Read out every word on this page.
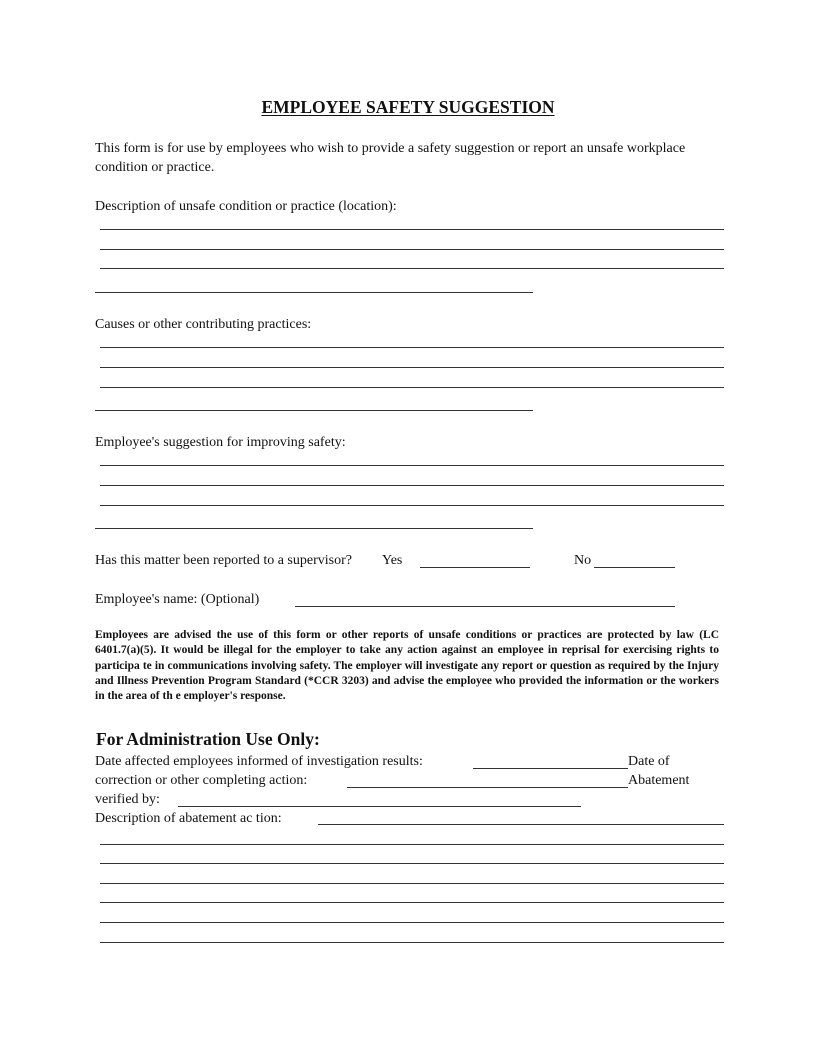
EMPLOYEE SAFETY SUGGESTION
This form is for use by employees who wish to provide a safety suggestion or report an unsafe workplace condition or practice.
Description of unsafe condition or practice (location):
Causes or other contributing practices:
Employee's suggestion for improving safety:
Has this matter been reported to a supervisor? Yes	No
Employee's name: (Optional)
Employees are advised the use of this form or other reports of unsafe conditions or practices are protected by law (LC 6401.7(a)(5). It would be illegal for the employer to take any action against an employee in reprisal for exercising rights to participa te in communications involving safety. The employer will investigate any report or question as required by the Injury and Illness Prevention Program Standard (*CCR 3203) and advise the employee who provided the information or the workers in the area of th e employer's response.
For Administration Use Only:
Date affected employees informed of investigation results:	Date of
correction or other completing action:	Abatement
verified by:
Description of abatement ac tion:
